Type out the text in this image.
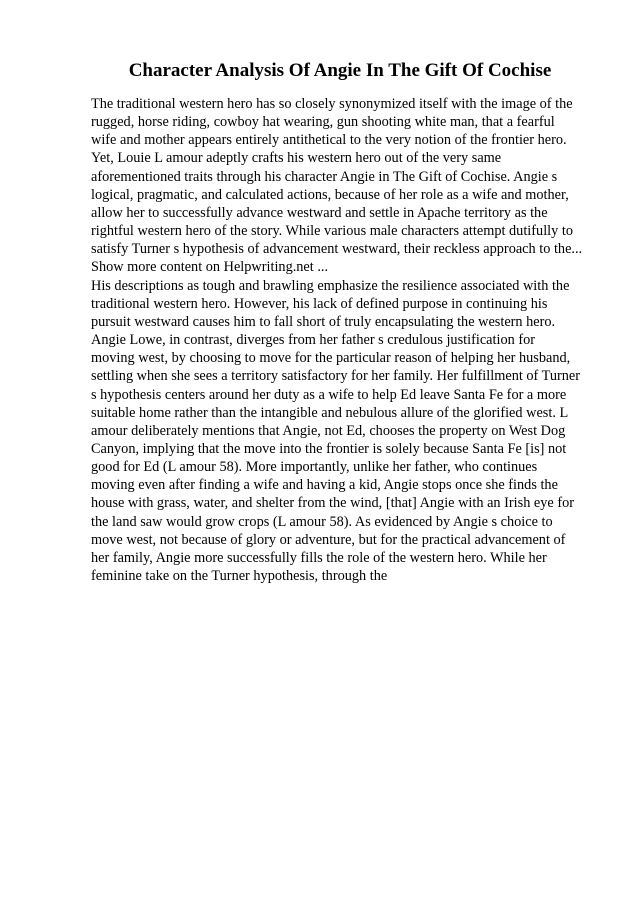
Character Analysis Of Angie In The Gift Of Cochise
The traditional western hero has so closely synonymized itself with the image of the
rugged, horse riding, cowboy hat wearing, gun shooting white man, that a fearful
wife and mother appears entirely antithetical to the very notion of the frontier hero.
Yet, Louie L amour adeptly crafts his western hero out of the very same
aforementioned traits through his character Angie in The Gift of Cochise. Angie s
logical, pragmatic, and calculated actions, because of her role as a wife and mother,
allow her to successfully advance westward and settle in Apache territory as the
rightful western hero of the story. While various male characters attempt dutifully to
satisfy Turner s hypothesis of advancement westward, their reckless approach to the...
Show more content on Helpwriting.net ...
His descriptions as tough and brawling emphasize the resilience associated with the
traditional western hero. However, his lack of defined purpose in continuing his
pursuit westward causes him to fall short of truly encapsulating the western hero.
Angie Lowe, in contrast, diverges from her father s credulous justification for
moving west, by choosing to move for the particular reason of helping her husband,
settling when she sees a territory satisfactory for her family. Her fulfillment of Turner
s hypothesis centers around her duty as a wife to help Ed leave Santa Fe for a more
suitable home rather than the intangible and nebulous allure of the glorified west. L
amour deliberately mentions that Angie, not Ed, chooses the property on West Dog
Canyon, implying that the move into the frontier is solely because Santa Fe [is] not
good for Ed (L amour 58). More importantly, unlike her father, who continues
moving even after finding a wife and having a kid, Angie stops once she finds the
house with grass, water, and shelter from the wind, [that] Angie with an Irish eye for
the land saw would grow crops (L amour 58). As evidenced by Angie s choice to
move west, not because of glory or adventure, but for the practical advancement of
her family, Angie more successfully fills the role of the western hero. While her
feminine take on the Turner hypothesis, through the
